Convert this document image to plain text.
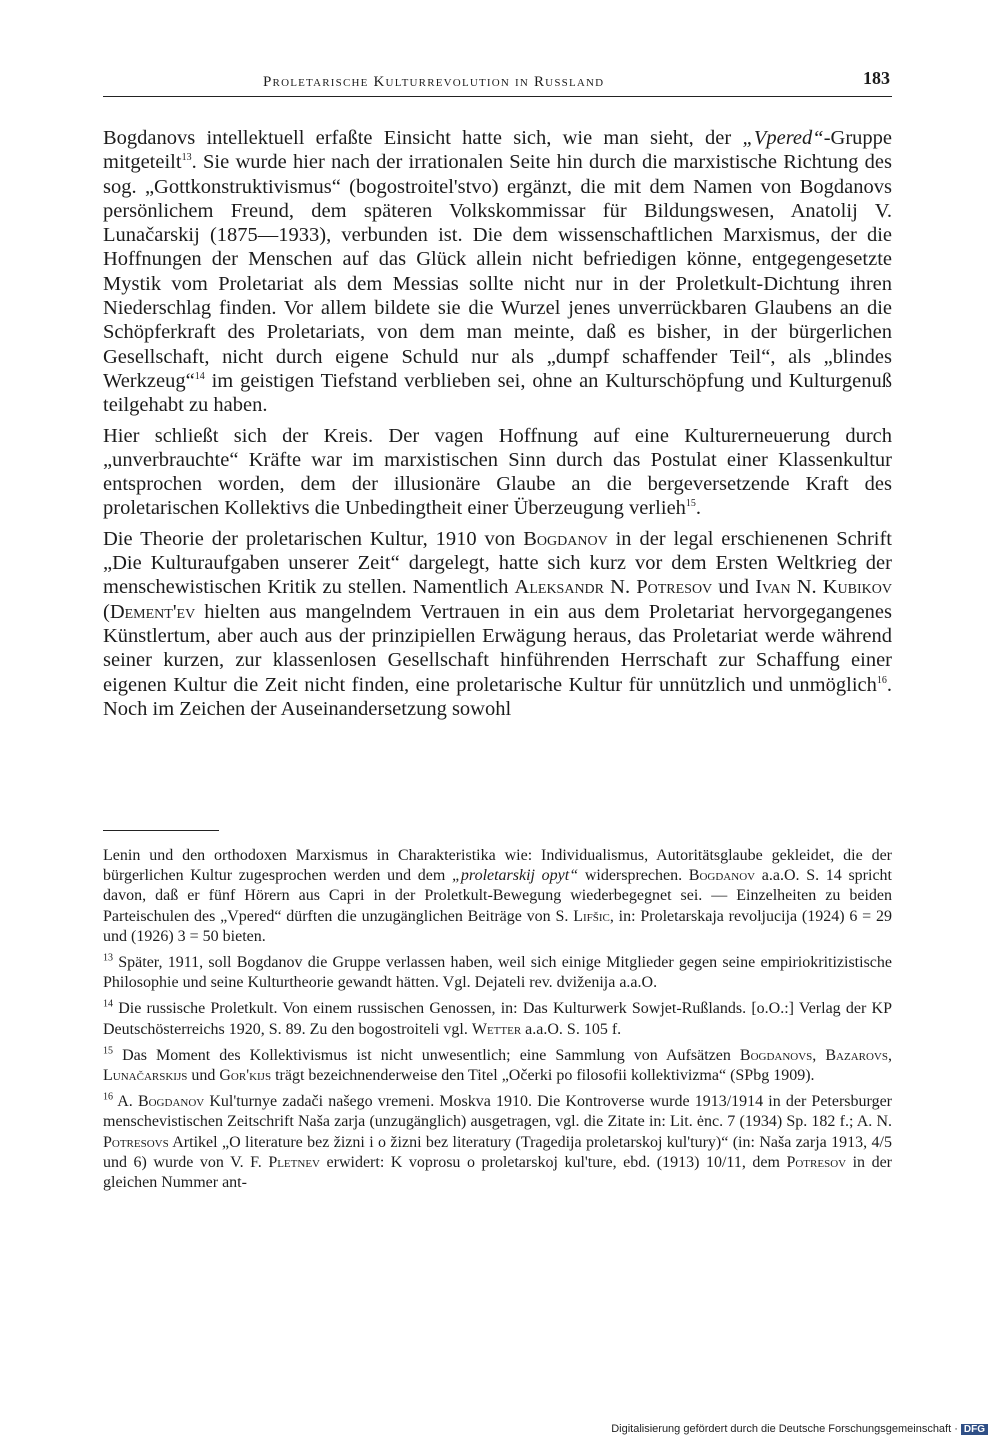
Proletarische Kulturrevolution in Russland	183

Bogdanovs intellektuell erfaßte Einsicht hatte sich, wie man sieht, der „Vpered“-Gruppe mitgeteilt$^{13}$. Sie wurde hier nach der irrationalen Seite hin durch die marxistische Richtung des sog. „Gottkonstruktivismus“ (bogostroitel'stvo) ergänzt, die mit dem Namen von Bogdanovs persönlichem Freund, dem späteren Volkskommissar für Bildungswesen, Anatolij V. Lunačarskij (1875—1933), verbunden ist. Die dem wissenschaftlichen Marxismus, der die Hoffnungen der Menschen auf das Glück allein nicht befriedigen könne, entgegengesetzte Mystik vom Proletariat als dem Messias sollte nicht nur in der Proletkult-Dichtung ihren Niederschlag finden. Vor allem bildete sie die Wurzel jenes unverrückbaren Glaubens an die Schöpferkraft des Proletariats, von dem man meinte, daß es bisher, in der bürgerlichen Gesellschaft, nicht durch eigene Schuld nur als „dumpf schaffender Teil“, als „blindes Werkzeug“$^{14}$ im geistigen Tiefstand verblieben sei, ohne an Kulturschöpfung und Kulturgenuß teilgehabt zu haben.

Hier schließt sich der Kreis. Der vagen Hoffnung auf eine Kulturerneuerung durch „unverbrauchte“ Kräfte war im marxistischen Sinn durch das Postulat einer Klassenkultur entsprochen worden, dem der illusionäre Glaube an die bergeversetzende Kraft des proletarischen Kollektivs die Unbedingtheit einer Überzeugung verlieh$^{15}$.

Die Theorie der proletarischen Kultur, 1910 von Bogdanov in der legal erschienenen Schrift „Die Kulturaufgaben unserer Zeit“ dargelegt, hatte sich kurz vor dem Ersten Weltkrieg der menschewistischen Kritik zu stellen. Namentlich Aleksandr N. Potresov und Ivan N. Kubikov (Dement'ev hielten aus mangelndem Vertrauen in ein aus dem Proletariat hervorgegangenes Künstlertum, aber auch aus der prinzipiellen Erwägung heraus, das Proletariat werde während seiner kurzen, zur klassenlosen Gesellschaft hinführenden Herrschaft zur Schaffung einer eigenen Kultur die Zeit nicht finden, eine proletarische Kultur für unnützlich und unmöglich$^{16}$. Noch im Zeichen der Auseinandersetzung sowohl

Lenin und den orthodoxen Marxismus in Charakteristika wie: Individualismus, Autoritätsglaube gekleidet, die der bürgerlichen Kultur zugesprochen werden und dem „proletarskij opyt“ widersprechen. Bogdanov a.a.O. S. 14 spricht davon, daß er fünf Hörern aus Capri in der Proletkult-Bewegung wiederbegegnet sei. — Einzelheiten zu beiden Parteischulen des „Vpered“ dürften die unzugänglichen Beiträge von S. Lifšic, in: Proletarskaja revoljucija (1924) 6 = 29 und (1926) 3 = 50 bieten.

$^{13}$ Später, 1911, soll Bogdanov die Gruppe verlassen haben, weil sich einige Mitglieder gegen seine empiriokritizistische Philosophie und seine Kulturtheorie gewandt hätten. Vgl. Dejateli rev. dviženija a.a.O.

$^{14}$ Die russische Proletkult. Von einem russischen Genossen, in: Das Kulturwerk Sowjet-Rußlands. [o.O.:] Verlag der KP Deutschösterreichs 1920, S. 89. Zu den bogostroiteli vgl. Wetter a.a.O. S. 105 f.

$^{15}$ Das Moment des Kollektivismus ist nicht unwesentlich; eine Sammlung von Aufsätzen Bogdanovs, Bazarovs, Lunačarskijs und Gor'kijs trägt bezeichnenderweise den Titel „Očerki po filosofii kollektivizma“ (SPbg 1909).

$^{16}$ A. Bogdanov Kul'turnye zadači našego vremeni. Moskva 1910. Die Kontroverse wurde 1913/1914 in der Petersburger menschevistischen Zeitschrift Naša zarja (unzugänglich) ausgetragen, vgl. die Zitate in: Lit. ėnc. 7 (1934) Sp. 182 f.; A. N. Potresovs Artikel „O literature bez žizni i o žizni bez literatury (Tragedija proletarskoj kul'tury)“ (in: Naša zarja 1913, 4/5 und 6) wurde von V. F. Pletnev erwidert: K voprosu o proletarskoj kul'ture, ebd. (1913) 10/11, dem Potresov in der gleichen Nummer ant-

Digitalisierung gefördert durch die Deutsche Forschungsgemeinschaft · DFG
